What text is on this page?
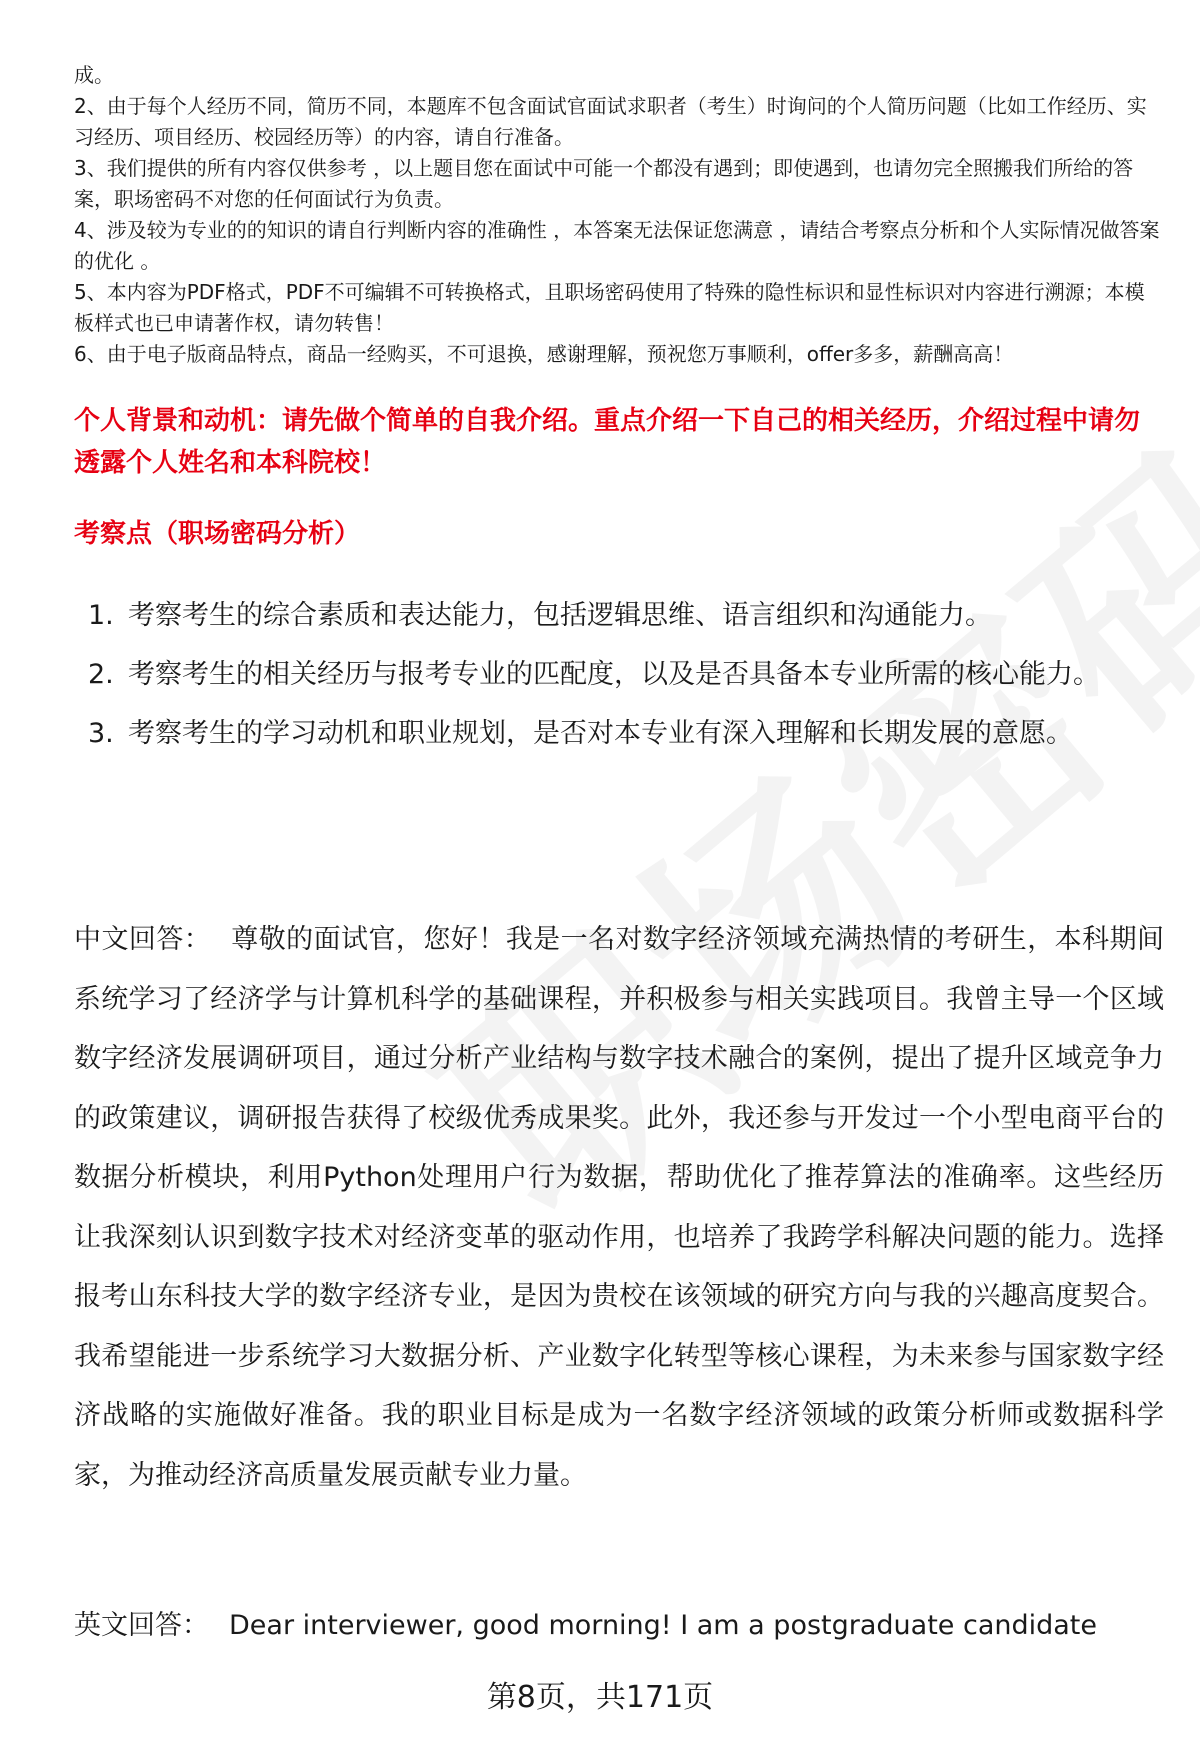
成。

2、由于每个人经历不同，简历不同，本题库不包含面试官面试求职者（考生）时询问的个人简历问题（比如工作经历、实习经历、项目经历、校园经历等）的内容，请自行准备。

3、我们提供的所有内容仅供参考 ，以上题目您在面试中可能一个都没有遇到；即使遇到，也请勿完全照搬我们所给的答案，职场密码不对您的任何面试行为负责。

4、涉及较为专业的的知识的请自行判断内容的准确性 ，本答案无法保证您满意 ，请结合考察点分析和个人实际情况做答案的优化 。

5、本内容为PDF格式，PDF不可编辑不可转换格式，且职场密码使用了特殊的隐性标识和显性标识对内容进行溯源；本模板样式也已申请著作权，请勿转售！

6、由于电子版商品特点，商品一经购买，不可退换，感谢理解，预祝您万事顺利，offer多多，薪酬高高！

个人背景和动机：请先做个简单的自我介绍。重点介绍一下自己的相关经历，介绍过程中请勿透露个人姓名和本科院校！

考察点（职场密码分析）

1. 考察考生的综合素质和表达能力，包括逻辑思维、语言组织和沟通能力。
2. 考察考生的相关经历与报考专业的匹配度，以及是否具备本专业所需的核心能力。
3. 考察考生的学习动机和职业规划，是否对本专业有深入理解和长期发展的意愿。

中文回答： 尊敬的面试官，您好！我是一名对数字经济领域充满热情的考研生，本科期间系统学习了经济学与计算机科学的基础课程，并积极参与相关实践项目。我曾主导一个区域数字经济发展调研项目，通过分析产业结构与数字技术融合的案例，提出了提升区域竞争力的政策建议，调研报告获得了校级优秀成果奖。此外，我还参与开发过一个小型电商平台的数据分析模块，利用Python处理用户行为数据，帮助优化了推荐算法的准确率。这些经历让我深刻认识到数字技术对经济变革的驱动作用，也培养了我跨学科解决问题的能力。选择报考山东科技大学的数字经济专业，是因为贵校在该领域的研究方向与我的兴趣高度契合。我希望能进一步系统学习大数据分析、产业数字化转型等核心课程，为未来参与国家数字经济战略的实施做好准备。我的职业目标是成为一名数字经济领域的政策分析师或数据科学家，为推动经济高质量发展贡献专业力量。

英文回答： Dear interviewer, good morning! I am a postgraduate candidate

第8页，共171页
